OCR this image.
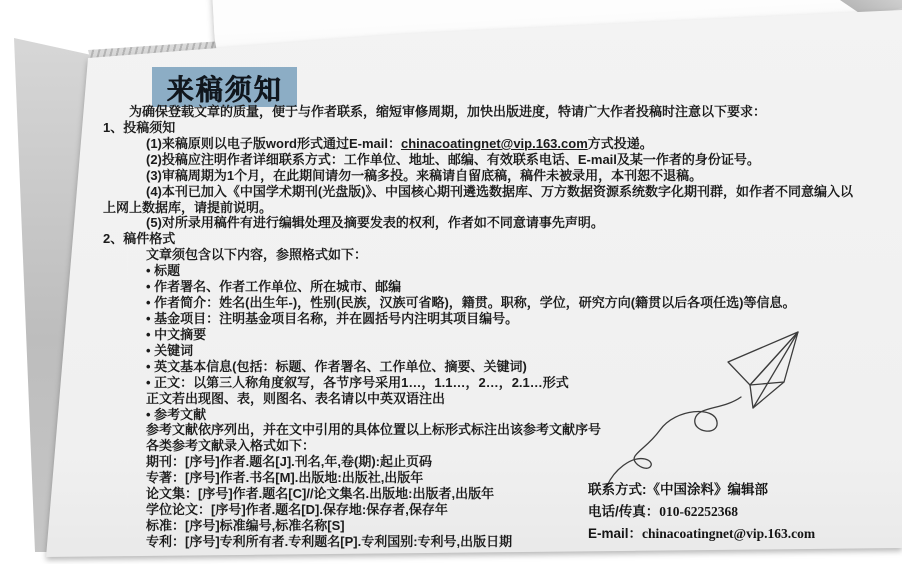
来稿须知
为确保登载文章的质量，便于与作者联系，缩短审修周期，加快出版进度，特请广大作者投稿时注意以下要求：
1、投稿须知
(1)来稿原则以电子版word形式通过E-mail：chinacoatingnet@vip.163.com方式投递。
(2)投稿应注明作者详细联系方式：工作单位、地址、邮编、有效联系电话、E-mail及某一作者的身份证号。
(3)审稿周期为1个月，在此期间请勿一稿多投。来稿请自留底稿，稿件未被录用，本刊恕不退稿。
(4)本刊已加入《中国学术期刊(光盘版)》、中国核心期刊遴选数据库、万方数据资源系统数字化期刊群，如作者不同意编入以
上网上数据库，请提前说明。
(5)对所录用稿件有进行编辑处理及摘要发表的权利，作者如不同意请事先声明。
2、稿件格式
文章须包含以下内容，参照格式如下：
• 标题
• 作者署名、作者工作单位、所在城市、邮编
• 作者简介：姓名(出生年-)，性别(民族，汉族可省略)，籍贯。职称，学位，研究方向(籍贯以后各项任选)等信息。
• 基金项目：注明基金项目名称，并在圆括号内注明其项目编号。
• 中文摘要
• 关键词
• 英文基本信息(包括：标题、作者署名、工作单位、摘要、关键词)
• 正文：以第三人称角度叙写，各节序号采用1…，1.1…，2…，2.1…形式
正文若出现图、表，则图名、表名请以中英双语注出
• 参考文献
参考文献依序列出，并在文中引用的具体位置以上标形式标注出该参考文献序号
各类参考文献录入格式如下：
期刊：[序号]作者.题名[J].刊名,年,卷(期):起止页码
专著：[序号]作者.书名[M].出版地:出版社,出版年
论文集：[序号]作者.题名[C]//论文集名.出版地:出版者,出版年
学位论文：[序号]作者.题名[D].保存地:保存者,保存年
标准：[序号]标准编号,标准名称[S]
专利：[序号]专利所有者.专利题名[P].专利国别:专利号,出版日期
联系方式:《中国涂料》编辑部
电话/传真：010-62252368
E-mail：chinacoatingnet@vip.163.com
